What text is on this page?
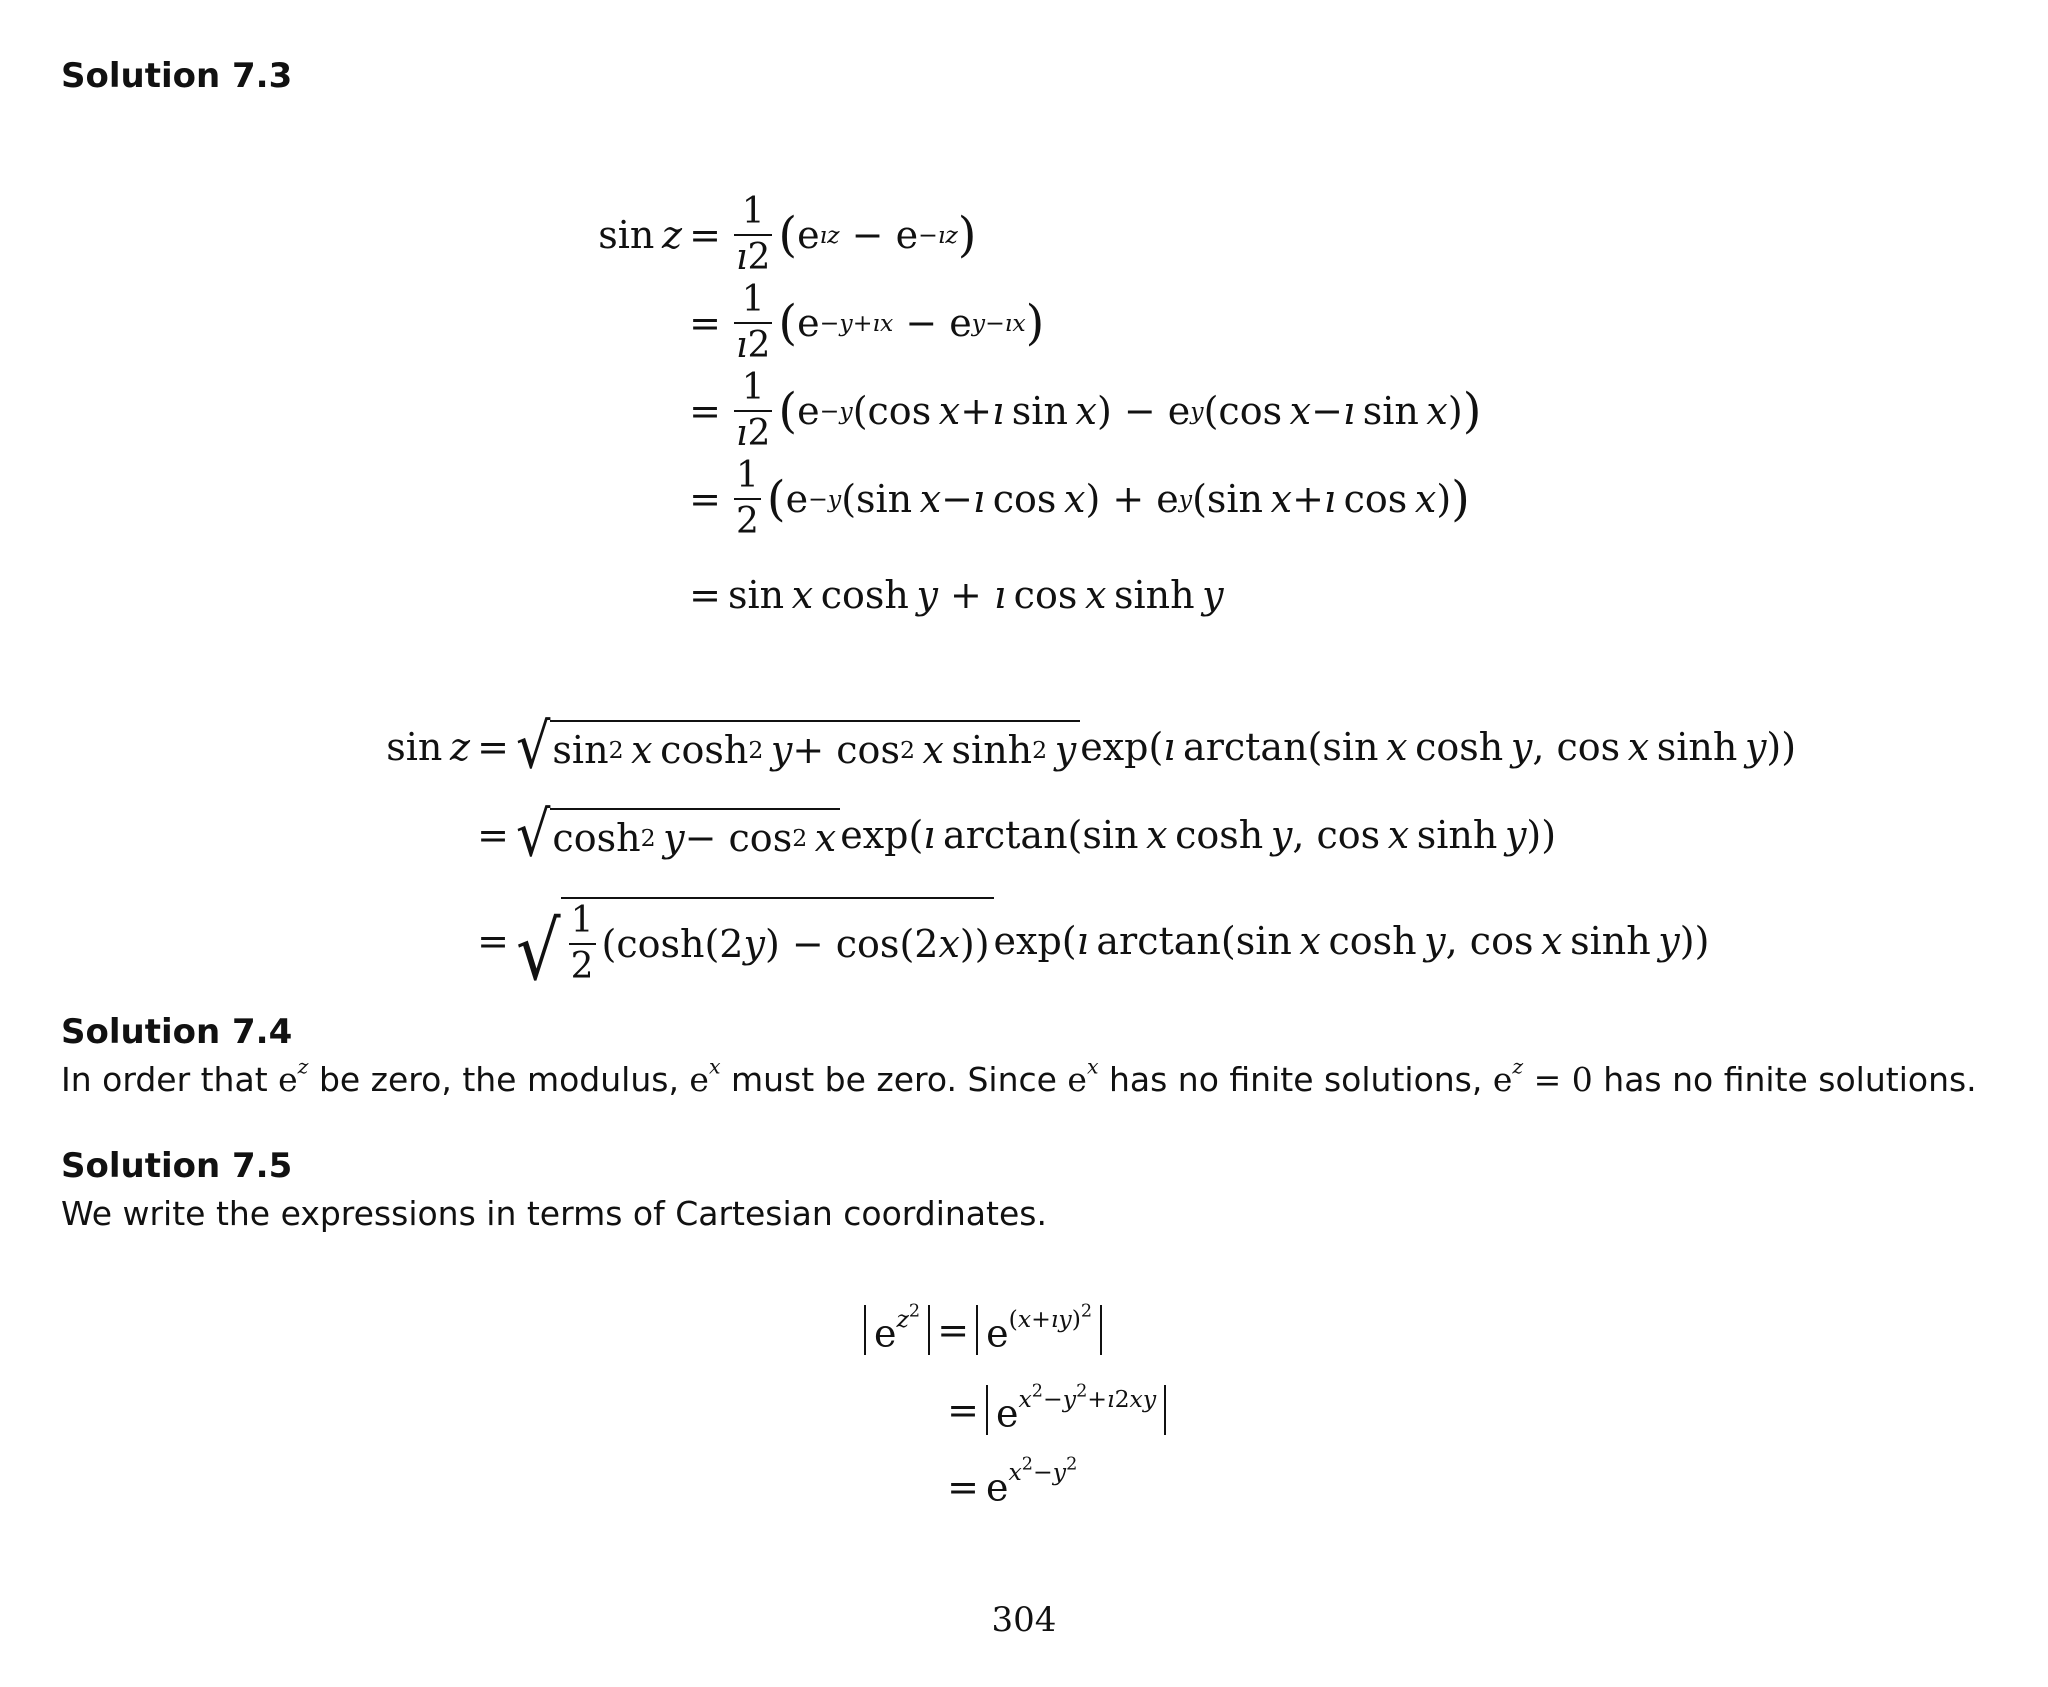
Solution 7.3
$\sin z = \frac{1}{ı2}$ ( e ız − e −ız )
= $\frac{1}{ı2}$ ( e −y+ıx − e y−ıx )
= $\frac{1}{ı2}$ ( e −y (cos  x + ı  sin  x ) − e y (cos  x − ı  sin  x ) )
= $\frac{1}{2}$ ( e −y (sin  x − ı  cos  x ) + e y (sin  x + ı  cos  x ) )
= sin x cosh y + ı cos x sinh y
sin z = √ sin 2
  x  cosh 2
  y + cos 2
  x  sinh 2
  y exp(ı arctan(sin x cosh y, cos x sinh y))
= √ cosh 2
  y − cos 2
  x exp(ı arctan(sin x cosh y, cos x sinh y))
= √ $\frac{1}{2} (\cosh(2$ y ) − cos(2 x )) exp(ı arctan(sin x cosh y, cos x sinh y))
Solution 7.4
In order that $e^z$ be zero, the modulus, $e^x$ must be zero. Since $e^x$ has no finite solutions, $e^z = 0$ has no finite solutions.
Solution 7.5
We write the expressions in terms of Cartesian coordinates.
$e^{z^2} = e^{(x+ıy)^2}$
= $e^{x^2-y^2+ı2xy}$
= $e^{x^2-y^2}$
304
